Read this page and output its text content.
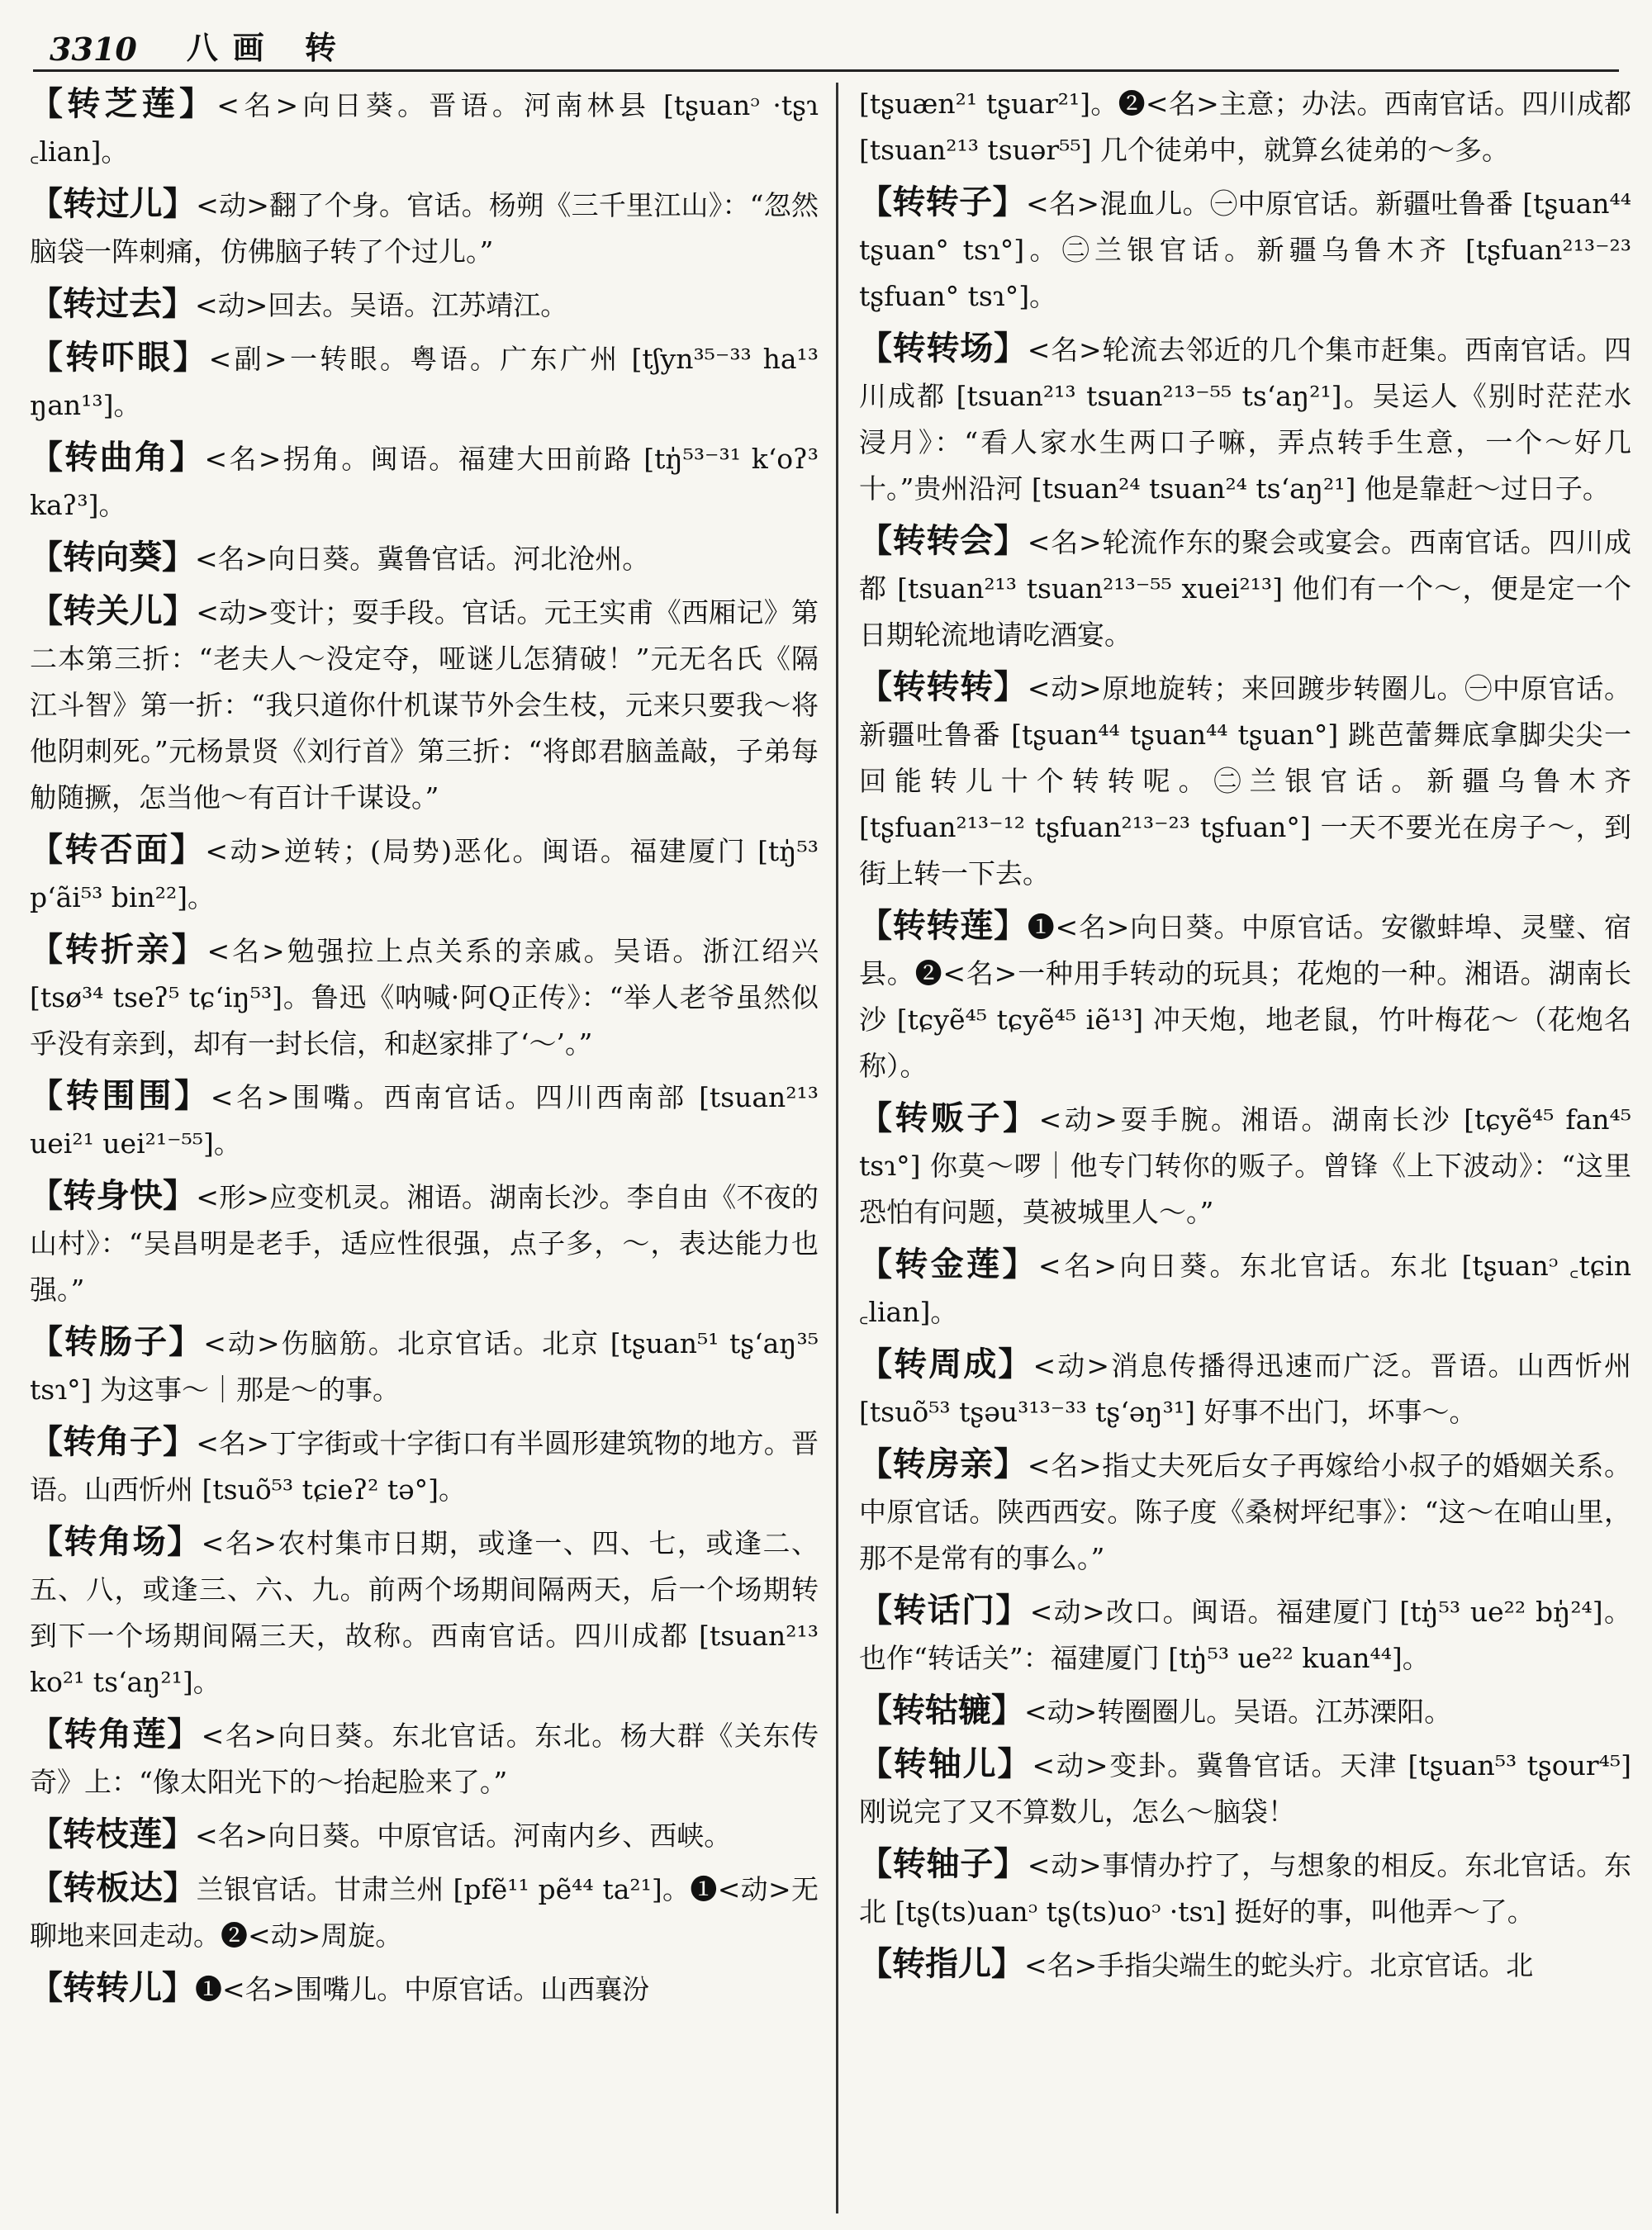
3310 八画 转
【转芝莲】<名>向日葵。晋语。河南林县 [tʂuanᵓ ·tʂɿ ꜀lian]。
【转过儿】<动>翻了个身。官话。杨朔《三千里江山》：“忽然脑袋一阵刺痛，仿佛脑子转了个过儿。”
【转过去】<动>回去。吴语。江苏靖江。
【转吓眼】<副>一转眼。粤语。广东广州 [tʃyn³⁵⁻³³ ha¹³ ŋan¹³]。
【转曲角】<名>拐角。闽语。福建大田前路 [tŋ̍⁵³⁻³¹ k‘oʔ³ kaʔ³]。
【转向葵】<名>向日葵。冀鲁官话。河北沧州。
【转关儿】<动>变计；耍手段。官话。元王实甫《西厢记》第二本第三折：“老夫人～没定夺，哑谜儿怎猜破！”元无名氏《隔江斗智》第一折：“我只道你什机谋节外会生枝，元来只要我～将他阴刺死。”元杨景贤《刘行首》第三折：“将郎君脑盖敲，子弟每觔随撅，怎当他～有百计千谋设。”
【转否面】<动>逆转；(局势)恶化。闽语。福建厦门 [tŋ̍⁵³ p‘ãi⁵³ bin²²]。
【转折亲】<名>勉强拉上点关系的亲戚。吴语。浙江绍兴 [tsø³⁴ tseʔ⁵ tɕ‘iŋ⁵³]。鲁迅《呐喊·阿Q正传》：“举人老爷虽然似乎没有亲到，却有一封长信，和赵家排了‘～’。”
【转围围】<名>围嘴。西南官话。四川西南部 [tsuan²¹³ uei²¹ uei²¹⁻⁵⁵]。
【转身快】<形>应变机灵。湘语。湖南长沙。李自由《不夜的山村》：“吴昌明是老手，适应性很强，点子多，～，表达能力也强。”
【转肠子】<动>伤脑筋。北京官话。北京 [tʂuan⁵¹ tʂ‘aŋ³⁵ tsɿ°] 为这事～｜那是～的事。
【转角子】<名>丁字街或十字街口有半圆形建筑物的地方。晋语。山西忻州 [tsuõ⁵³ tɕieʔ² tə°]。
【转角场】<名>农村集市日期，或逢一、四、七，或逢二、五、八，或逢三、六、九。前两个场期间隔两天，后一个场期转到下一个场期间隔三天，故称。西南官话。四川成都 [tsuan²¹³ ko²¹ ts‘aŋ²¹]。
【转角莲】<名>向日葵。东北官话。东北。杨大群《关东传奇》上：“像太阳光下的～抬起脸来了。”
【转枝莲】<名>向日葵。中原官话。河南内乡、西峡。
【转板达】兰银官话。甘肃兰州 [pfẽ¹¹ pẽ⁴⁴ ta²¹]。❶<动>无聊地来回走动。❷<动>周旋。
【转转儿】❶<名>围嘴儿。中原官话。山西襄汾
[tʂuæn²¹ tʂuar²¹]。❷<名>主意；办法。西南官话。四川成都 [tsuan²¹³ tsuər⁵⁵] 几个徒弟中，就算幺徒弟的～多。
【转转子】<名>混血儿。㊀中原官话。新疆吐鲁番 [tʂuan⁴⁴ tʂuan° tsɿ°]。㊁兰银官话。新疆乌鲁木齐 [tʂfuan²¹³⁻²³ tʂfuan° tsɿ°]。
【转转场】<名>轮流去邻近的几个集市赶集。西南官话。四川成都 [tsuan²¹³ tsuan²¹³⁻⁵⁵ ts‘aŋ²¹]。吴运人《别时茫茫水浸月》：“看人家水生两口子嘛，弄点转手生意，一个～好几十。”贵州沿河 [tsuan²⁴ tsuan²⁴ ts‘aŋ²¹] 他是靠赶～过日子。
【转转会】<名>轮流作东的聚会或宴会。西南官话。四川成都 [tsuan²¹³ tsuan²¹³⁻⁵⁵ xuei²¹³] 他们有一个～，便是定一个日期轮流地请吃酒宴。
【转转转】<动>原地旋转；来回踱步转圈儿。㊀中原官话。新疆吐鲁番 [tʂuan⁴⁴ tʂuan⁴⁴ tʂuan°] 跳芭蕾舞底拿脚尖尖一回能转儿十个转转呢。㊁兰银官话。新疆乌鲁木齐 [tʂfuan²¹³⁻¹² tʂfuan²¹³⁻²³ tʂfuan°] 一天不要光在房子～，到街上转一下去。
【转转莲】❶<名>向日葵。中原官话。安徽蚌埠、灵璧、宿县。❷<名>一种用手转动的玩具；花炮的一种。湘语。湖南长沙 [tɕyẽ⁴⁵ tɕyẽ⁴⁵ iẽ¹³] 冲天炮，地老鼠，竹叶梅花～（花炮名称）。
【转贩子】<动>耍手腕。湘语。湖南长沙 [tɕyẽ⁴⁵ fan⁴⁵ tsɿ°] 你莫～啰｜他专门转你的贩子。曾锋《上下波动》：“这里恐怕有问题，莫被城里人～。”
【转金莲】<名>向日葵。东北官话。东北 [tʂuanᵓ ꜀tɕin ꜀lian]。
【转周成】<动>消息传播得迅速而广泛。晋语。山西忻州 [tsuõ⁵³ tʂəu³¹³⁻³³ tʂ‘əŋ³¹] 好事不出门，坏事～。
【转房亲】<名>指丈夫死后女子再嫁给小叔子的婚姻关系。中原官话。陕西西安。陈子度《桑树坪纪事》：“这～在咱山里，那不是常有的事么。”
【转话门】<动>改口。闽语。福建厦门 [tŋ̍⁵³ ue²² bŋ̍²⁴]。也作“转话关”：福建厦门 [tŋ̍⁵³ ue²² kuan⁴⁴]。
【转轱辘】<动>转圈圈儿。吴语。江苏溧阳。
【转轴儿】<动>变卦。冀鲁官话。天津 [tʂuan⁵³ tʂour⁴⁵] 刚说完了又不算数儿，怎么～脑袋！
【转轴子】<动>事情办拧了，与想象的相反。东北官话。东北 [tʂ(ts)uanᵓ tʂ(ts)uoᵓ ·tsɿ] 挺好的事，叫他弄～了。
【转指儿】<名>手指尖端生的蛇头疔。北京官话。北
